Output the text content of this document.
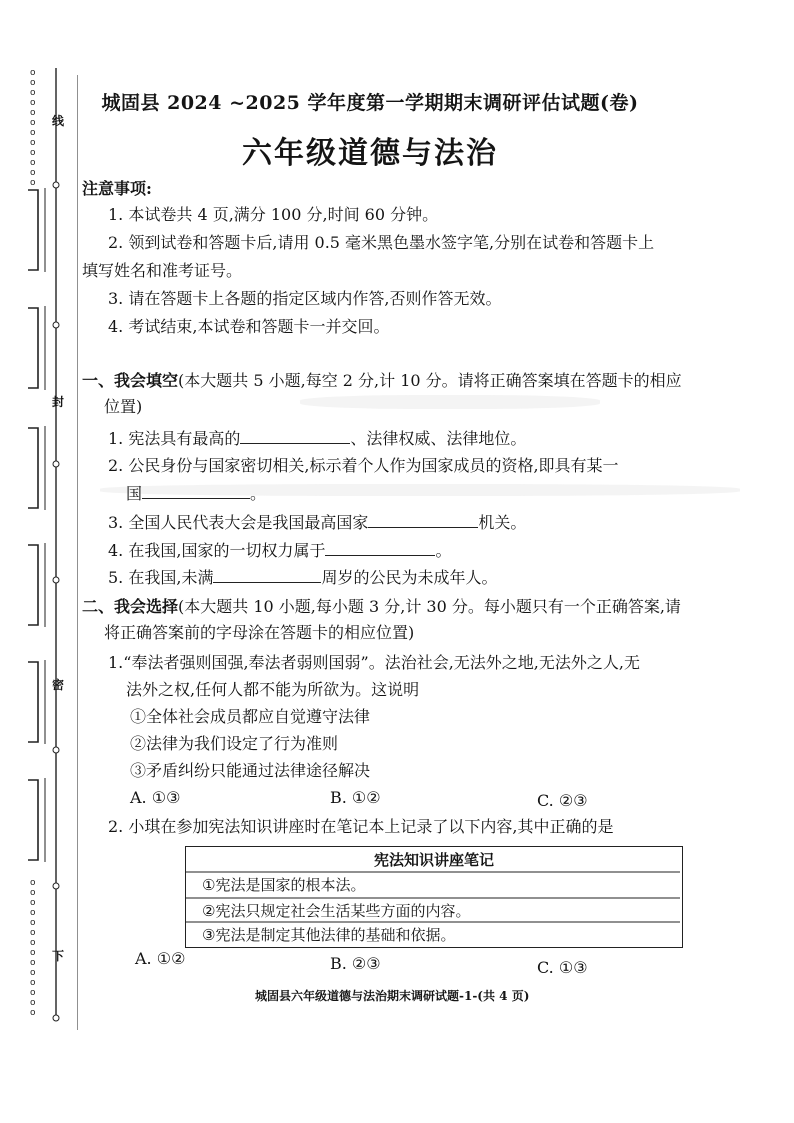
o
o
o
o
o
o
o
o
o
o
o
o
o
o
o
o
o
o
o
o
o
o
o
o
o
o
线
封
密
下
城固县 2024 ~2025 学年度第一学期期末调研评估试题(卷)
六年级道德与法治
注意事项:
1. 本试卷共 4 页,满分 100 分,时间 60 分钟。
2. 领到试卷和答题卡后,请用 0.5 毫米黑色墨水签字笔,分别在试卷和答题卡上
填写姓名和准考证号。
3. 请在答题卡上各题的指定区域内作答,否则作答无效。
4. 考试结束,本试卷和答题卡一并交回。
一、我会填空(本大题共 5 小题,每空 2 分,计 10 分。请将正确答案填在答题卡的相应
位置)
1. 宪法具有最高的	、法律权威、法律地位。
2. 公民身份与国家密切相关,标示着个人作为国家成员的资格,即具有某一
国	。
3. 全国人民代表大会是我国最高国家	机关。
4. 在我国,国家的一切权力属于	。
5. 在我国,未满	周岁的公民为未成年人。
二、我会选择(本大题共 10 小题,每小题 3 分,计 30 分。每小题只有一个正确答案,请
将正确答案前的字母涂在答题卡的相应位置)
1.“奉法者强则国强,奉法者弱则国弱”。法治社会,无法外之地,无法外之人,无
法外之权,任何人都不能为所欲为。这说明
①全体社会成员都应自觉遵守法律
②法律为我们设定了行为准则
③矛盾纠纷只能通过法律途径解决
A. ①③	B. ①②	C. ②③
2. 小琪在参加宪法知识讲座时在笔记本上记录了以下内容,其中正确的是
宪法知识讲座笔记
①宪法是国家的根本法。
②宪法只规定社会生活某些方面的内容。
③宪法是制定其他法律的基础和依据。
A. ①②	B. ②③	C. ①③
城固县六年级道德与法治期末调研试题-1-(共 4 页)
